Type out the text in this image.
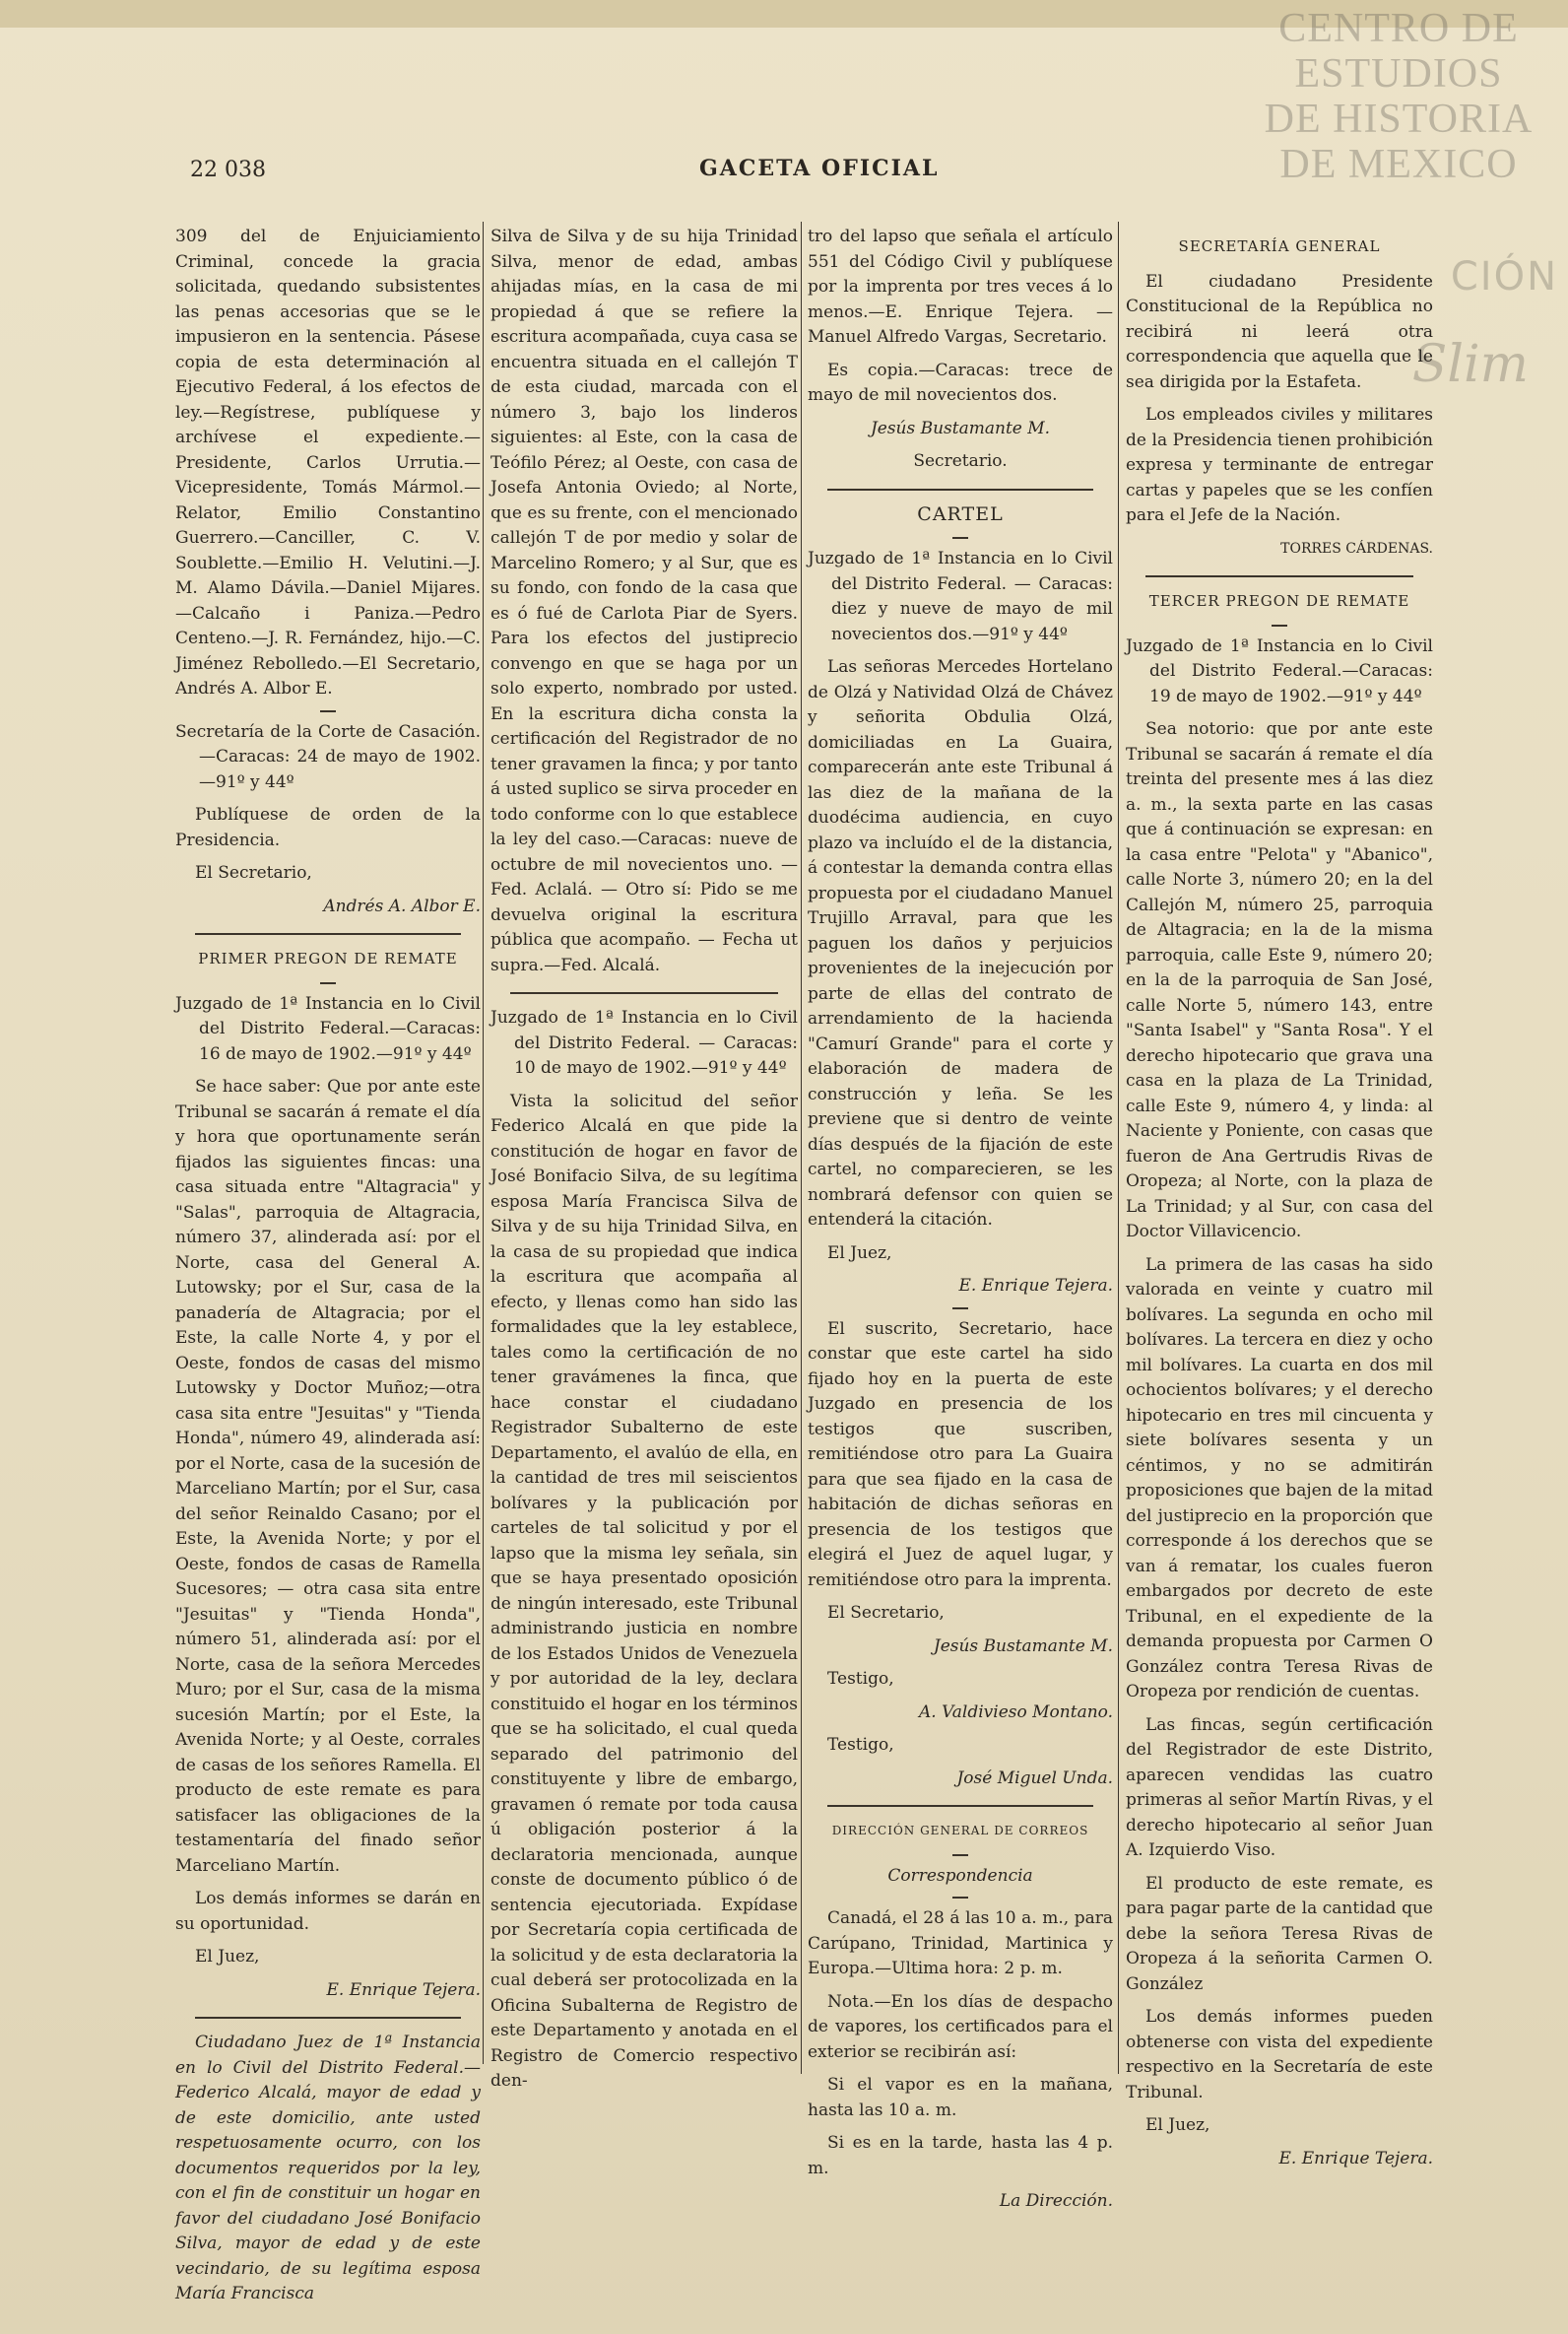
CENTRO DE
ESTUDIOS
DE HISTORIA
DE MEXICO
CIÓN
Slim
22 038	GACETA OFICIAL

309 del de Enjuiciamiento Criminal, concede la gracia solicitada, quedando subsistentes las penas accesorias que se le impusieron en la sentencia. Pásese copia de esta determinación al Ejecutivo Federal, á los efectos de ley.—Regístrese, publíquese y archívese el expediente.—Presidente, Carlos Urrutia.—Vicepresidente, Tomás Mármol.—Relator, Emilio Constantino Guerrero.—Canciller, C. V. Soublette.—Emilio H. Velutini.—J. M. Alamo Dávila.—Daniel Mijares.—Calcaño i Paniza.—Pedro Centeno.—J. R. Fernández, hijo.—C. Jiménez Rebolledo.—El Secretario, Andrés A. Albor E.

Secretaría de la Corte de Casación.—Caracas: 24 de mayo de 1902.—91º y 44º

Publíquese de orden de la Presidencia.

El Secretario,

Andrés A. Albor E.

PRIMER PREGON DE REMATE

Juzgado de 1ª Instancia en lo Civil del Distrito Federal.—Caracas: 16 de mayo de 1902.—91º y 44º

Se hace saber: Que por ante este Tribunal se sacarán á remate el día y hora que oportunamente serán fijados las siguientes fincas: una casa situada entre "Altagracia" y "Salas", parroquia de Altagracia, número 37, alinderada así: por el Norte, casa del General A. Lutowsky; por el Sur, casa de la panadería de Altagracia; por el Este, la calle Norte 4, y por el Oeste, fondos de casas del mismo Lutowsky y Doctor Muñoz;—otra casa sita entre "Jesuitas" y "Tienda Honda", número 49, alinderada así: por el Norte, casa de la sucesión de Marceliano Martín; por el Sur, casa del señor Reinaldo Casano; por el Este, la Avenida Norte; y por el Oeste, fondos de casas de Ramella Sucesores; — otra casa sita entre "Jesuitas" y "Tienda Honda", número 51, alinderada así: por el Norte, casa de la señora Mercedes Muro; por el Sur, casa de la misma sucesión Martín; por el Este, la Avenida Norte; y al Oeste, corrales de casas de los señores Ramella. El producto de este remate es para satisfacer las obligaciones de la testamentaría del finado señor Marceliano Martín.

Los demás informes se darán en su oportunidad.

El Juez,

E. Enrique Tejera.

Ciudadano Juez de 1ª Instancia en lo Civil del Distrito Federal.—Federico Alcalá, mayor de edad y de este domicilio, ante usted respetuosamente ocurro, con los documentos requeridos por la ley, con el fin de constituir un hogar en favor del ciudadano José Bonifacio Silva, mayor de edad y de este vecindario, de su legítima esposa María Francisca

Silva de Silva y de su hija Trinidad Silva, menor de edad, ambas ahijadas mías, en la casa de mi propiedad á que se refiere la escritura acompañada, cuya casa se encuentra situada en el callejón T de esta ciudad, marcada con el número 3, bajo los linderos siguientes: al Este, con la casa de Teófilo Pérez; al Oeste, con casa de Josefa Antonia Oviedo; al Norte, que es su frente, con el mencionado callejón T de por medio y solar de Marcelino Romero; y al Sur, que es su fondo, con fondo de la casa que es ó fué de Carlota Piar de Syers. Para los efectos del justiprecio convengo en que se haga por un solo experto, nombrado por usted. En la escritura dicha consta la certificación del Registrador de no tener gravamen la finca; y por tanto á usted suplico se sirva proceder en todo conforme con lo que establece la ley del caso.—Caracas: nueve de octubre de mil novecientos uno. — Fed. Aclalá. — Otro sí: Pido se me devuelva original la escritura pública que acompaño. — Fecha ut supra.—Fed. Alcalá.

Juzgado de 1ª Instancia en lo Civil del Distrito Federal. — Caracas: 10 de mayo de 1902.—91º y 44º

Vista la solicitud del señor Federico Alcalá en que pide la constitución de hogar en favor de José Bonifacio Silva, de su legítima esposa María Francisca Silva de Silva y de su hija Trinidad Silva, en la casa de su propiedad que indica la escritura que acompaña al efecto, y llenas como han sido las formalidades que la ley establece, tales como la certificación de no tener gravámenes la finca, que hace constar el ciudadano Registrador Subalterno de este Departamento, el avalúo de ella, en la cantidad de tres mil seiscientos bolívares y la publicación por carteles de tal solicitud y por el lapso que la misma ley señala, sin que se haya presentado oposición de ningún interesado, este Tribunal administrando justicia en nombre de los Estados Unidos de Venezuela y por autoridad de la ley, declara constituido el hogar en los términos que se ha solicitado, el cual queda separado del patrimonio del constituyente y libre de embargo, gravamen ó remate por toda causa ú obligación posterior á la declaratoria mencionada, aunque conste de documento público ó de sentencia ejecutoriada. Expídase por Secretaría copia certificada de la solicitud y de esta declaratoria la cual deberá ser protocolizada en la Oficina Subalterna de Registro de este Departamento y anotada en el Registro de Comercio respectivo den-

tro del lapso que señala el artículo 551 del Código Civil y publíquese por la imprenta por tres veces á lo menos.—E. Enrique Tejera. — Manuel Alfredo Vargas, Secretario.

Es copia.—Caracas: trece de mayo de mil novecientos dos.

Jesús Bustamante M.

Secretario.

CARTEL

Juzgado de 1ª Instancia en lo Civil del Distrito Federal. — Caracas: diez y nueve de mayo de mil novecientos dos.—91º y 44º

Las señoras Mercedes Hortelano de Olzá y Natividad Olzá de Chávez y señorita Obdulia Olzá, domiciliadas en La Guaira, comparecerán ante este Tribunal á las diez de la mañana de la duodécima audiencia, en cuyo plazo va incluído el de la distancia, á contestar la demanda contra ellas propuesta por el ciudadano Manuel Trujillo Arraval, para que les paguen los daños y perjuicios provenientes de la inejecución por parte de ellas del contrato de arrendamiento de la hacienda "Camurí Grande" para el corte y elaboración de madera de construcción y leña. Se les previene que si dentro de veinte días después de la fijación de este cartel, no comparecieren, se les nombrará defensor con quien se entenderá la citación.

El Juez,

E. Enrique Tejera.

El suscrito, Secretario, hace constar que este cartel ha sido fijado hoy en la puerta de este Juzgado en presencia de los testigos que suscriben, remitiéndose otro para La Guaira para que sea fijado en la casa de habitación de dichas señoras en presencia de los testigos que elegirá el Juez de aquel lugar, y remitiéndose otro para la imprenta.

El Secretario,

Jesús Bustamante M.

Testigo,

A. Valdivieso Montano.

Testigo,

José Miguel Unda.

DIRECCIÓN GENERAL DE CORREOS

Correspondencia

Canadá, el 28 á las 10 a. m., para Carúpano, Trinidad, Martinica y Europa.—Ultima hora: 2 p. m.

Nota.—En los días de despacho de vapores, los certificados para el exterior se recibirán así:

Si el vapor es en la mañana, hasta las 10 a. m.

Si es en la tarde, hasta las 4 p. m.

La Dirección.

SECRETARÍA GENERAL

El ciudadano Presidente Constitucional de la República no recibirá ni leerá otra correspondencia que aquella que le sea dirigida por la Estafeta.

Los empleados civiles y militares de la Presidencia tienen prohibición expresa y terminante de entregar cartas y papeles que se les confíen para el Jefe de la Nación.

TORRES CÁRDENAS.

TERCER PREGON DE REMATE

Juzgado de 1ª Instancia en lo Civil del Distrito Federal.—Caracas: 19 de mayo de 1902.—91º y 44º

Sea notorio: que por ante este Tribunal se sacarán á remate el día treinta del presente mes á las diez a. m., la sexta parte en las casas que á continuación se expresan: en la casa entre "Pelota" y "Abanico", calle Norte 3, número 20; en la del Callejón M, número 25, parroquia de Altagracia; en la de la misma parroquia, calle Este 9, número 20; en la de la parroquia de San José, calle Norte 5, número 143, entre "Santa Isabel" y "Santa Rosa". Y el derecho hipotecario que grava una casa en la plaza de La Trinidad, calle Este 9, número 4, y linda: al Naciente y Poniente, con casas que fueron de Ana Gertrudis Rivas de Oropeza; al Norte, con la plaza de La Trinidad; y al Sur, con casa del Doctor Villavicencio.

La primera de las casas ha sido valorada en veinte y cuatro mil bolívares. La segunda en ocho mil bolívares. La tercera en diez y ocho mil bolívares. La cuarta en dos mil ochocientos bolívares; y el derecho hipotecario en tres mil cincuenta y siete bolívares sesenta y un céntimos, y no se admitirán proposiciones que bajen de la mitad del justiprecio en la proporción que corresponde á los derechos que se van á rematar, los cuales fueron embargados por decreto de este Tribunal, en el expediente de la demanda propuesta por Carmen O González contra Teresa Rivas de Oropeza por rendición de cuentas.

Las fincas, según certificación del Registrador de este Distrito, aparecen vendidas las cuatro primeras al señor Martín Rivas, y el derecho hipotecario al señor Juan A. Izquierdo Viso.

El producto de este remate, es para pagar parte de la cantidad que debe la señora Teresa Rivas de Oropeza á la señorita Carmen O. González

Los demás informes pueden obtenerse con vista del expediente respectivo en la Secretaría de este Tribunal.

El Juez,

E. Enrique Tejera.
